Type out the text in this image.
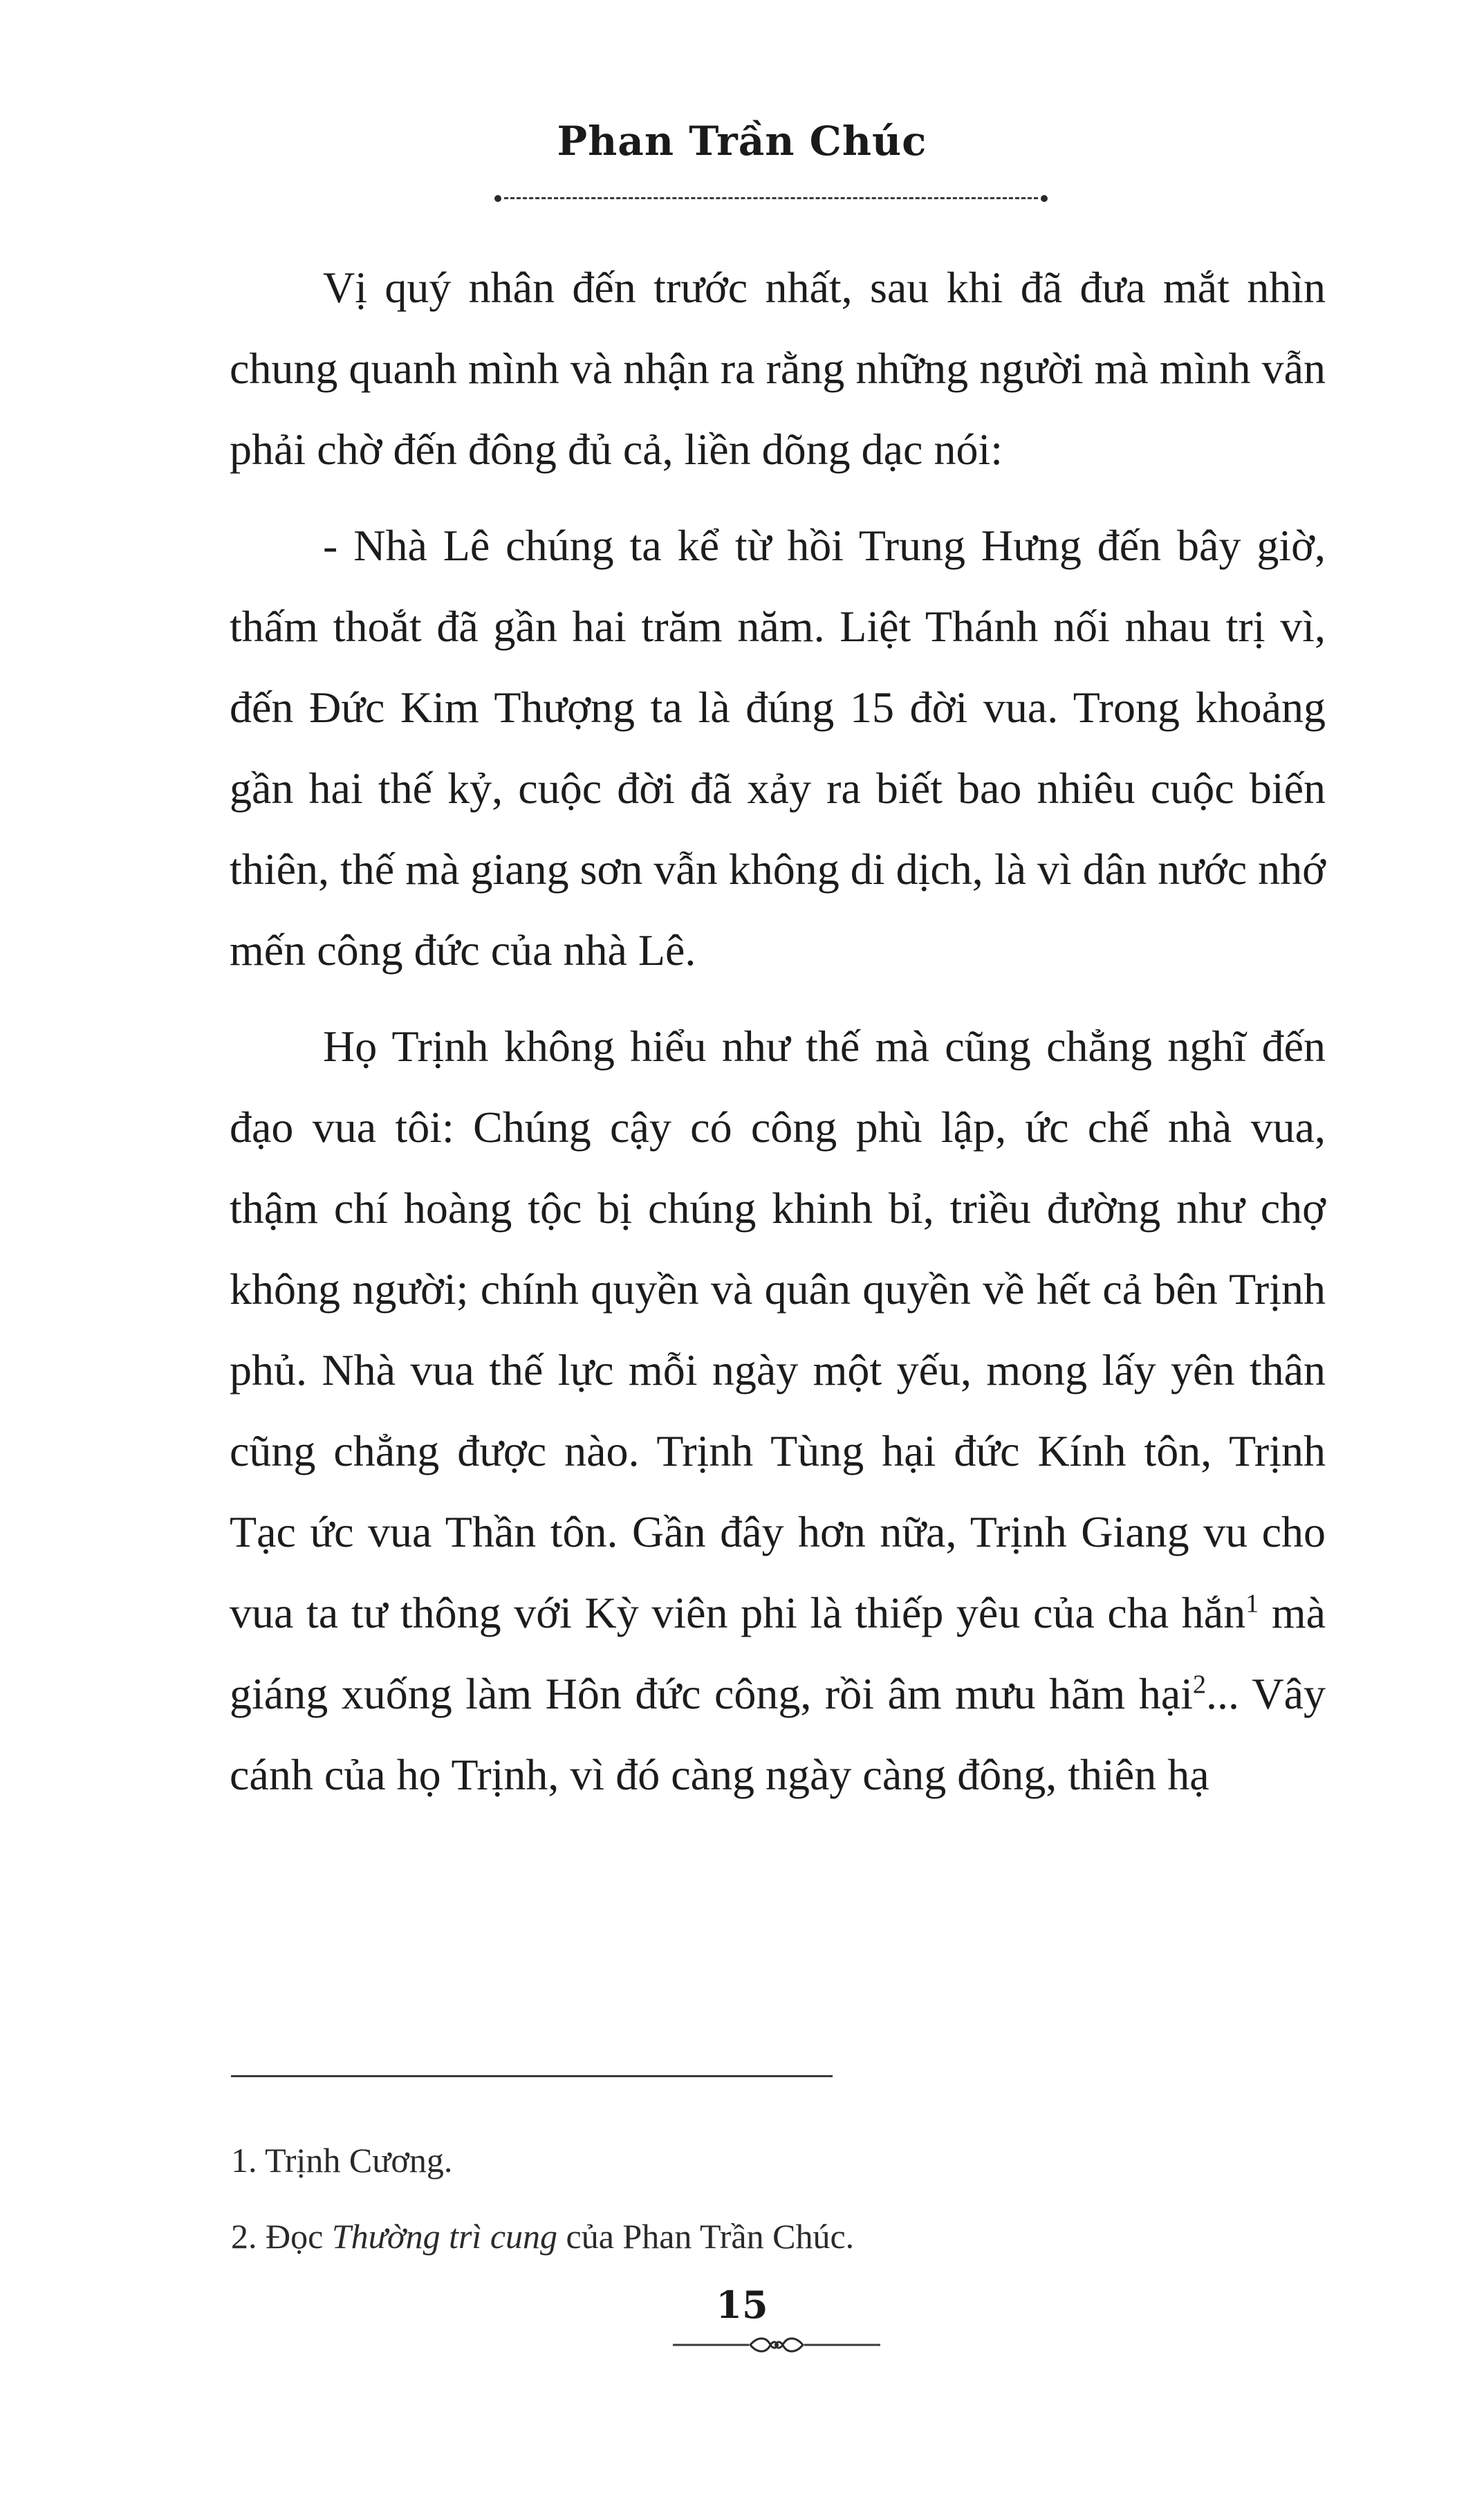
Phan Trần Chúc

Vị quý nhân đến trước nhất, sau khi đã đưa mắt nhìn chung quanh mình và nhận ra rằng những người mà mình vẫn phải chờ đến đông đủ cả, liền dõng dạc nói:

- Nhà Lê chúng ta kể từ hồi Trung Hưng đến bây giờ, thấm thoắt đã gần hai trăm năm. Liệt Thánh nối nhau trị vì, đến Đức Kim Thượng ta là đúng 15 đời vua. Trong khoảng gần hai thế kỷ, cuộc đời đã xảy ra biết bao nhiêu cuộc biến thiên, thế mà giang sơn vẫn không di dịch, là vì dân nước nhớ mến công đức của nhà Lê.

Họ Trịnh không hiểu như thế mà cũng chẳng nghĩ đến đạo vua tôi: Chúng cậy có công phù lập, ức chế nhà vua, thậm chí hoàng tộc bị chúng khinh bỉ, triều đường như chợ không người; chính quyền và quân quyền về hết cả bên Trịnh phủ. Nhà vua thế lực mỗi ngày một yếu, mong lấy yên thân cũng chẳng được nào. Trịnh Tùng hại đức Kính tôn, Trịnh Tạc ức vua Thần tôn. Gần đây hơn nữa, Trịnh Giang vu cho vua ta tư thông với Kỳ viên phi là thiếp yêu của cha hắn$^1$ mà giáng xuống làm Hôn đức công, rồi âm mưu hãm hại$^2$... Vây cánh của họ Trịnh, vì đó càng ngày càng đông, thiên hạ

1. Trịnh Cương.
2. Đọc Thường trì cung của Phan Trần Chúc.
15
